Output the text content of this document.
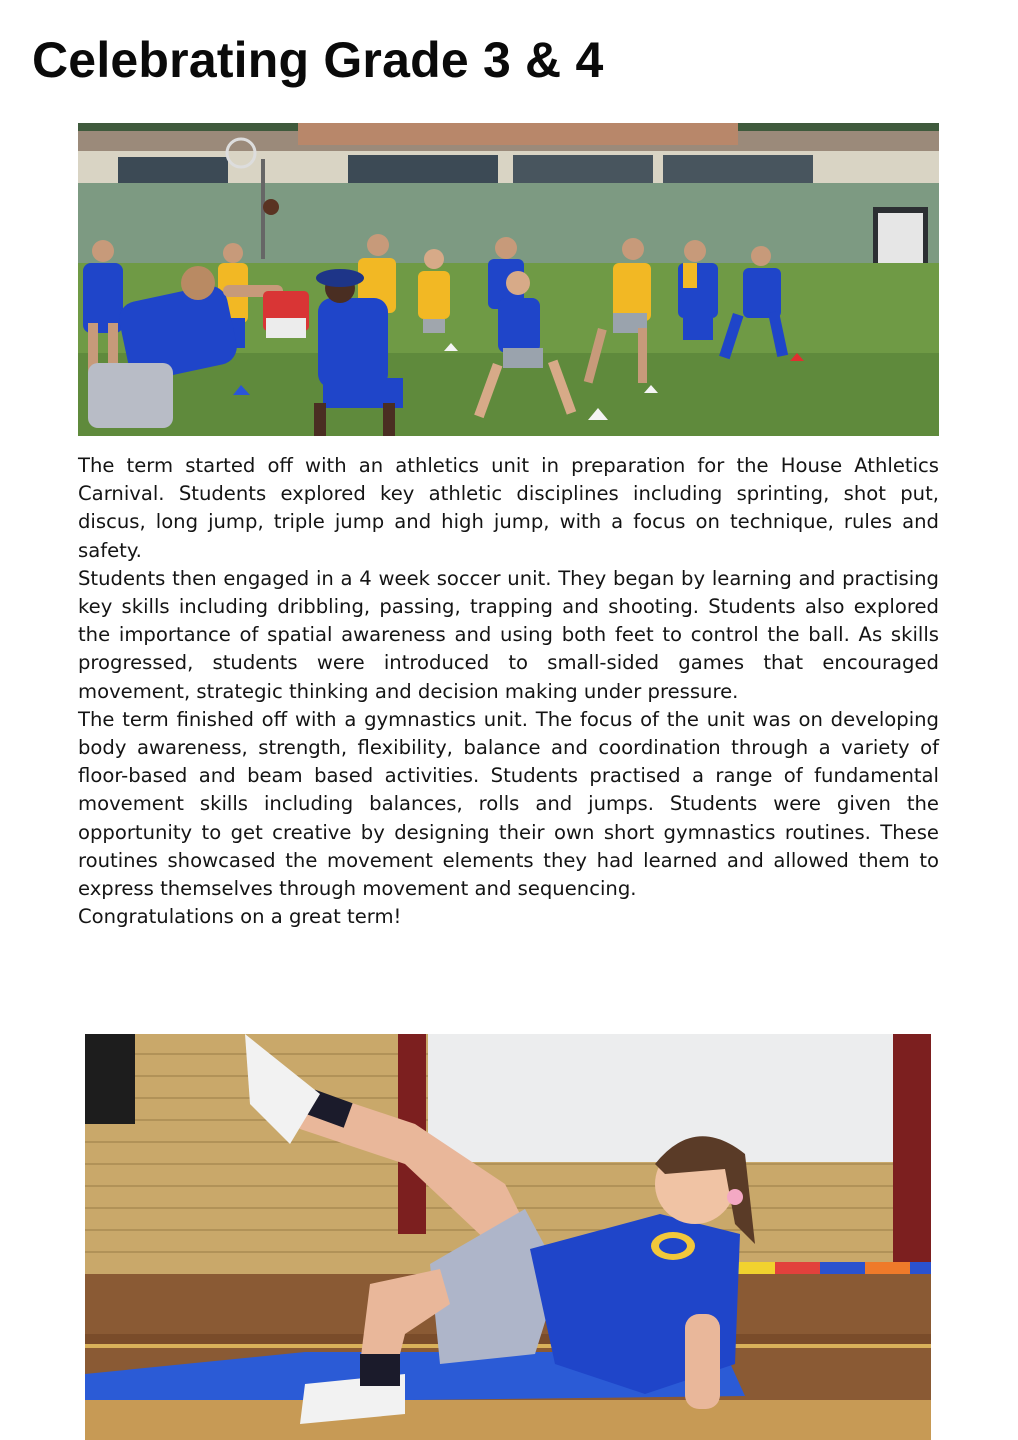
Celebrating Grade 3 & 4

The term started off with an athletics unit in preparation for the House Athletics Carnival. Students explored key athletic disciplines including sprinting, shot put, discus, long jump, triple jump and high jump, with a focus on technique, rules and safety.

Students then engaged in a 4 week soccer unit. They began by learning and practising key skills including dribbling, passing, trapping and shooting. Students also explored the importance of spatial awareness and using both feet to control the ball. As skills progressed, students were introduced to small-sided games that encouraged movement, strategic thinking and decision making under pressure.

The term finished off with a gymnastics unit. The focus of the unit was on developing body awareness, strength, flexibility, balance and coordination through a variety of floor-based and beam based activities. Students practised a range of fundamental movement skills including balances, rolls and jumps. Students were given the opportunity to get creative by designing their own short gymnastics routines. These routines showcased the movement elements they had learned and allowed them to express themselves through movement and sequencing.

Congratulations on a great term!
